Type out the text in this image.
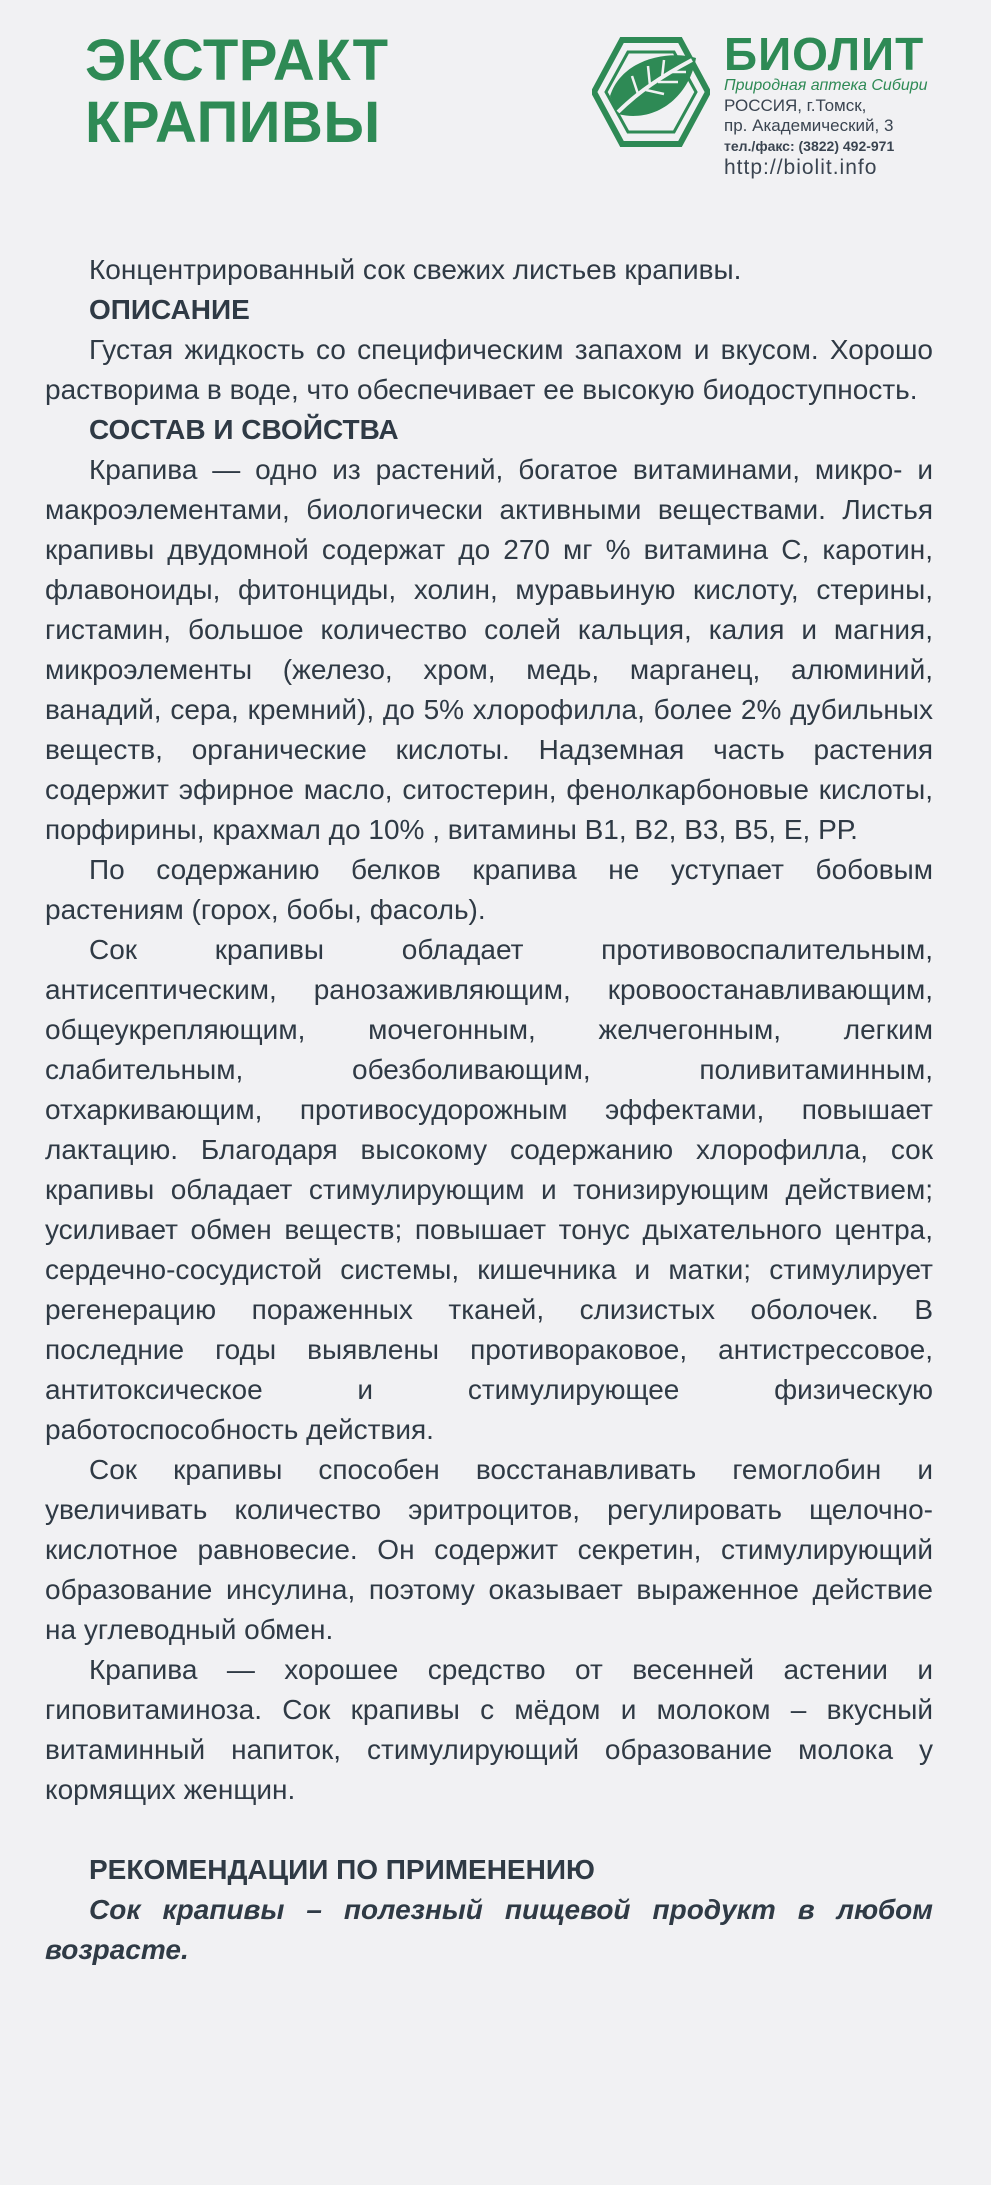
ЭКСТРАКТ
КРАПИВЫ
БИОЛИТ
Природная аптека Сибири
РОССИЯ, г.Томск,
пр. Академический, 3
тел./факс: (3822) 492-971
http://biolit.info

Концентрированный сок свежих листьев крапивы.

ОПИСАНИЕ

Густая жидкость со специфическим запахом и вкусом. Хорошо растворима в воде, что обеспечивает ее высокую биодоступность.

СОСТАВ И СВОЙСТВА

Крапива — одно из растений, богатое витаминами, микро- и макроэлементами, биологически активными веществами. Листья крапивы двудомной содержат до 270 мг % витамина С, каротин, флавоноиды, фитонциды, холин, муравьиную кислоту, стерины, гистамин, большое количество солей кальция, калия и магния, микроэлементы (железо, хром, медь, марганец, алюминий, ванадий, сера, кремний), до 5% хлорофилла, более 2% дубильных веществ, органические кислоты. Надземная часть растения содержит эфирное масло, ситостерин, фенолкарбоновые кислоты, порфирины, крахмал до 10% , витамины В1, В2, В3, В5, Е, РР.

По содержанию белков крапива не уступает бобовым растениям (горох, бобы, фасоль).

Сок крапивы обладает противовоспалительным, антисептическим, ранозаживляющим, кровоостанавливающим, общеукрепляющим, мочегонным, желчегонным, легким слабительным, обезболивающим, поливитаминным, отхаркивающим, противосудорожным эффектами, повышает лактацию. Благодаря высокому содержанию хлорофилла, сок крапивы обладает стимулирующим и тонизирующим действием; усиливает обмен веществ; повышает тонус дыхательного центра, сердечно-сосудистой системы, кишечника и матки; стимулирует регенерацию пораженных тканей, слизистых оболочек. В последние годы выявлены противораковое, антистрессовое, антитоксическое и стимулирующее физическую работоспособность действия.

Сок крапивы способен восстанавливать гемоглобин и увеличивать количество эритроцитов, регулировать щелочно-кислотное равновесие. Он содержит секретин, стимулирующий образование инсулина, поэтому оказывает выраженное действие на углеводный обмен.

Крапива — хорошее средство от весенней астении и гиповитаминоза. Сок крапивы с мёдом и молоком – вкусный витаминный напиток, стимулирующий образование молока у кормящих женщин.

РЕКОМЕНДАЦИИ ПО ПРИМЕНЕНИЮ

Сок крапивы – полезный пищевой продукт в любом возрасте.
